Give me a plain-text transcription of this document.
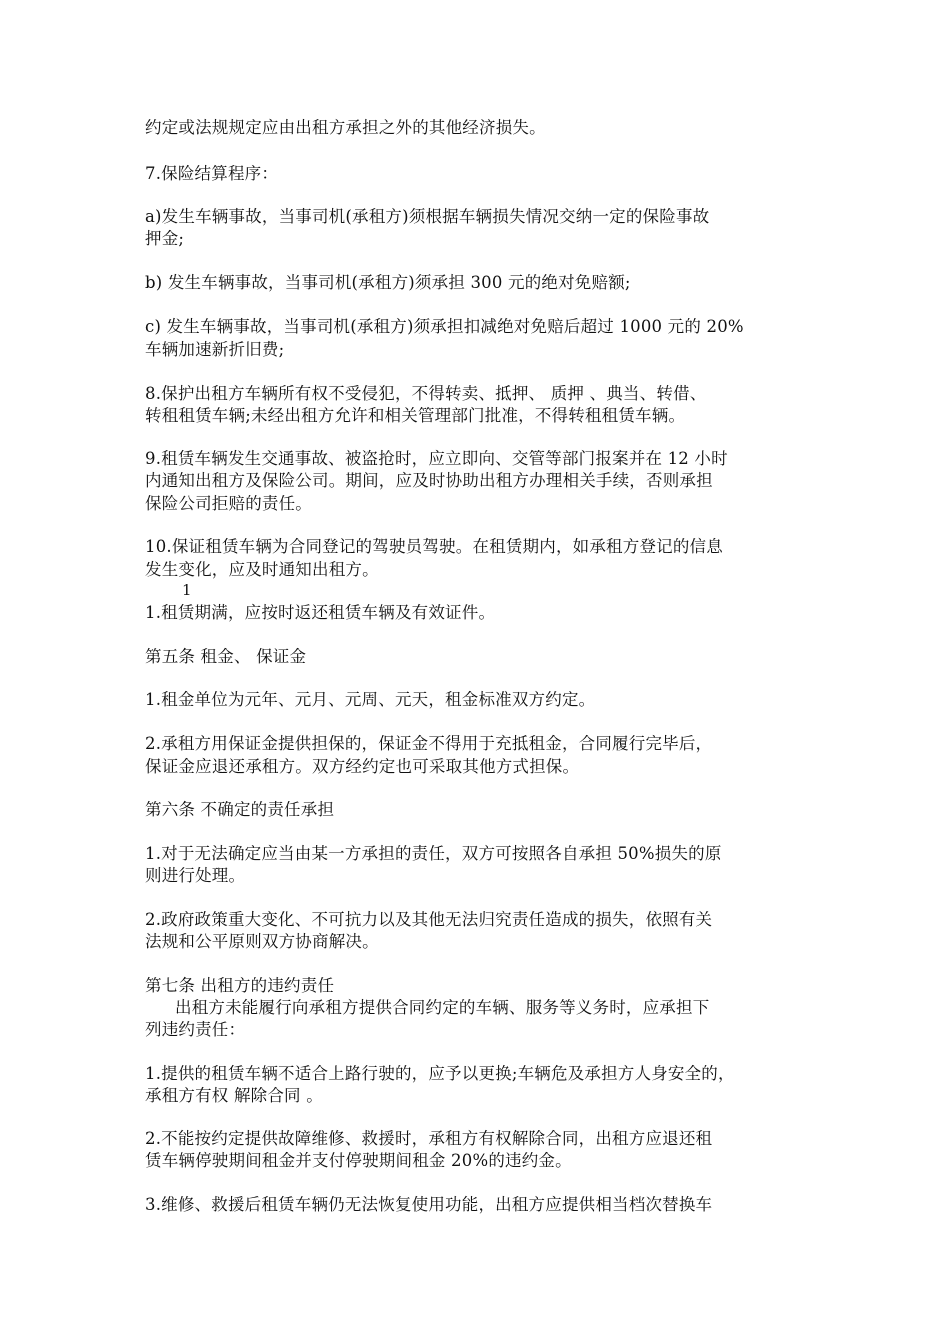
约定或法规规定应由出租方承担之外的其他经济损失。
7.保险结算程序：
a)发生车辆事故，当事司机(承租方)须根据车辆损失情况交纳一定的保险事故
押金;
b) 发生车辆事故，当事司机(承租方)须承担 300 元的绝对免赔额;
c) 发生车辆事故，当事司机(承租方)须承担扣减绝对免赔后超过 1000 元的 20%
车辆加速新折旧费;
8.保护出租方车辆所有权不受侵犯，不得转卖、抵押、 质押 、典当、转借、
转租租赁车辆;未经出租方允许和相关管理部门批准，不得转租租赁车辆。
9.租赁车辆发生交通事故、被盗抢时，应立即向、交管等部门报案并在 12 小时
内通知出租方及保险公司。期间，应及时协助出租方办理相关手续，否则承担
保险公司拒赔的责任。
10.保证租赁车辆为合同登记的驾驶员驾驶。在租赁期内，如承租方登记的信息
发生变化，应及时通知出租方。
1
1.租赁期满，应按时返还租赁车辆及有效证件。
第五条 租金、 保证金
1.租金单位为元年、元月、元周、元天，租金标准双方约定。
2.承租方用保证金提供担保的，保证金不得用于充抵租金，合同履行完毕后，
保证金应退还承租方。双方经约定也可采取其他方式担保。
第六条 不确定的责任承担
1.对于无法确定应当由某一方承担的责任，双方可按照各自承担 50%损失的原
则进行处理。
2.政府政策重大变化、不可抗力以及其他无法归究责任造成的损失，依照有关
法规和公平原则双方协商解决。
第七条 出租方的违约责任
出租方未能履行向承租方提供合同约定的车辆、服务等义务时，应承担下
列违约责任：
1.提供的租赁车辆不适合上路行驶的，应予以更换;车辆危及承担方人身安全的，
承租方有权 解除合同 。
2.不能按约定提供故障维修、救援时，承租方有权解除合同，出租方应退还租
赁车辆停驶期间租金并支付停驶期间租金 20%的违约金。
3.维修、救援后租赁车辆仍无法恢复使用功能，出租方应提供相当档次替换车
